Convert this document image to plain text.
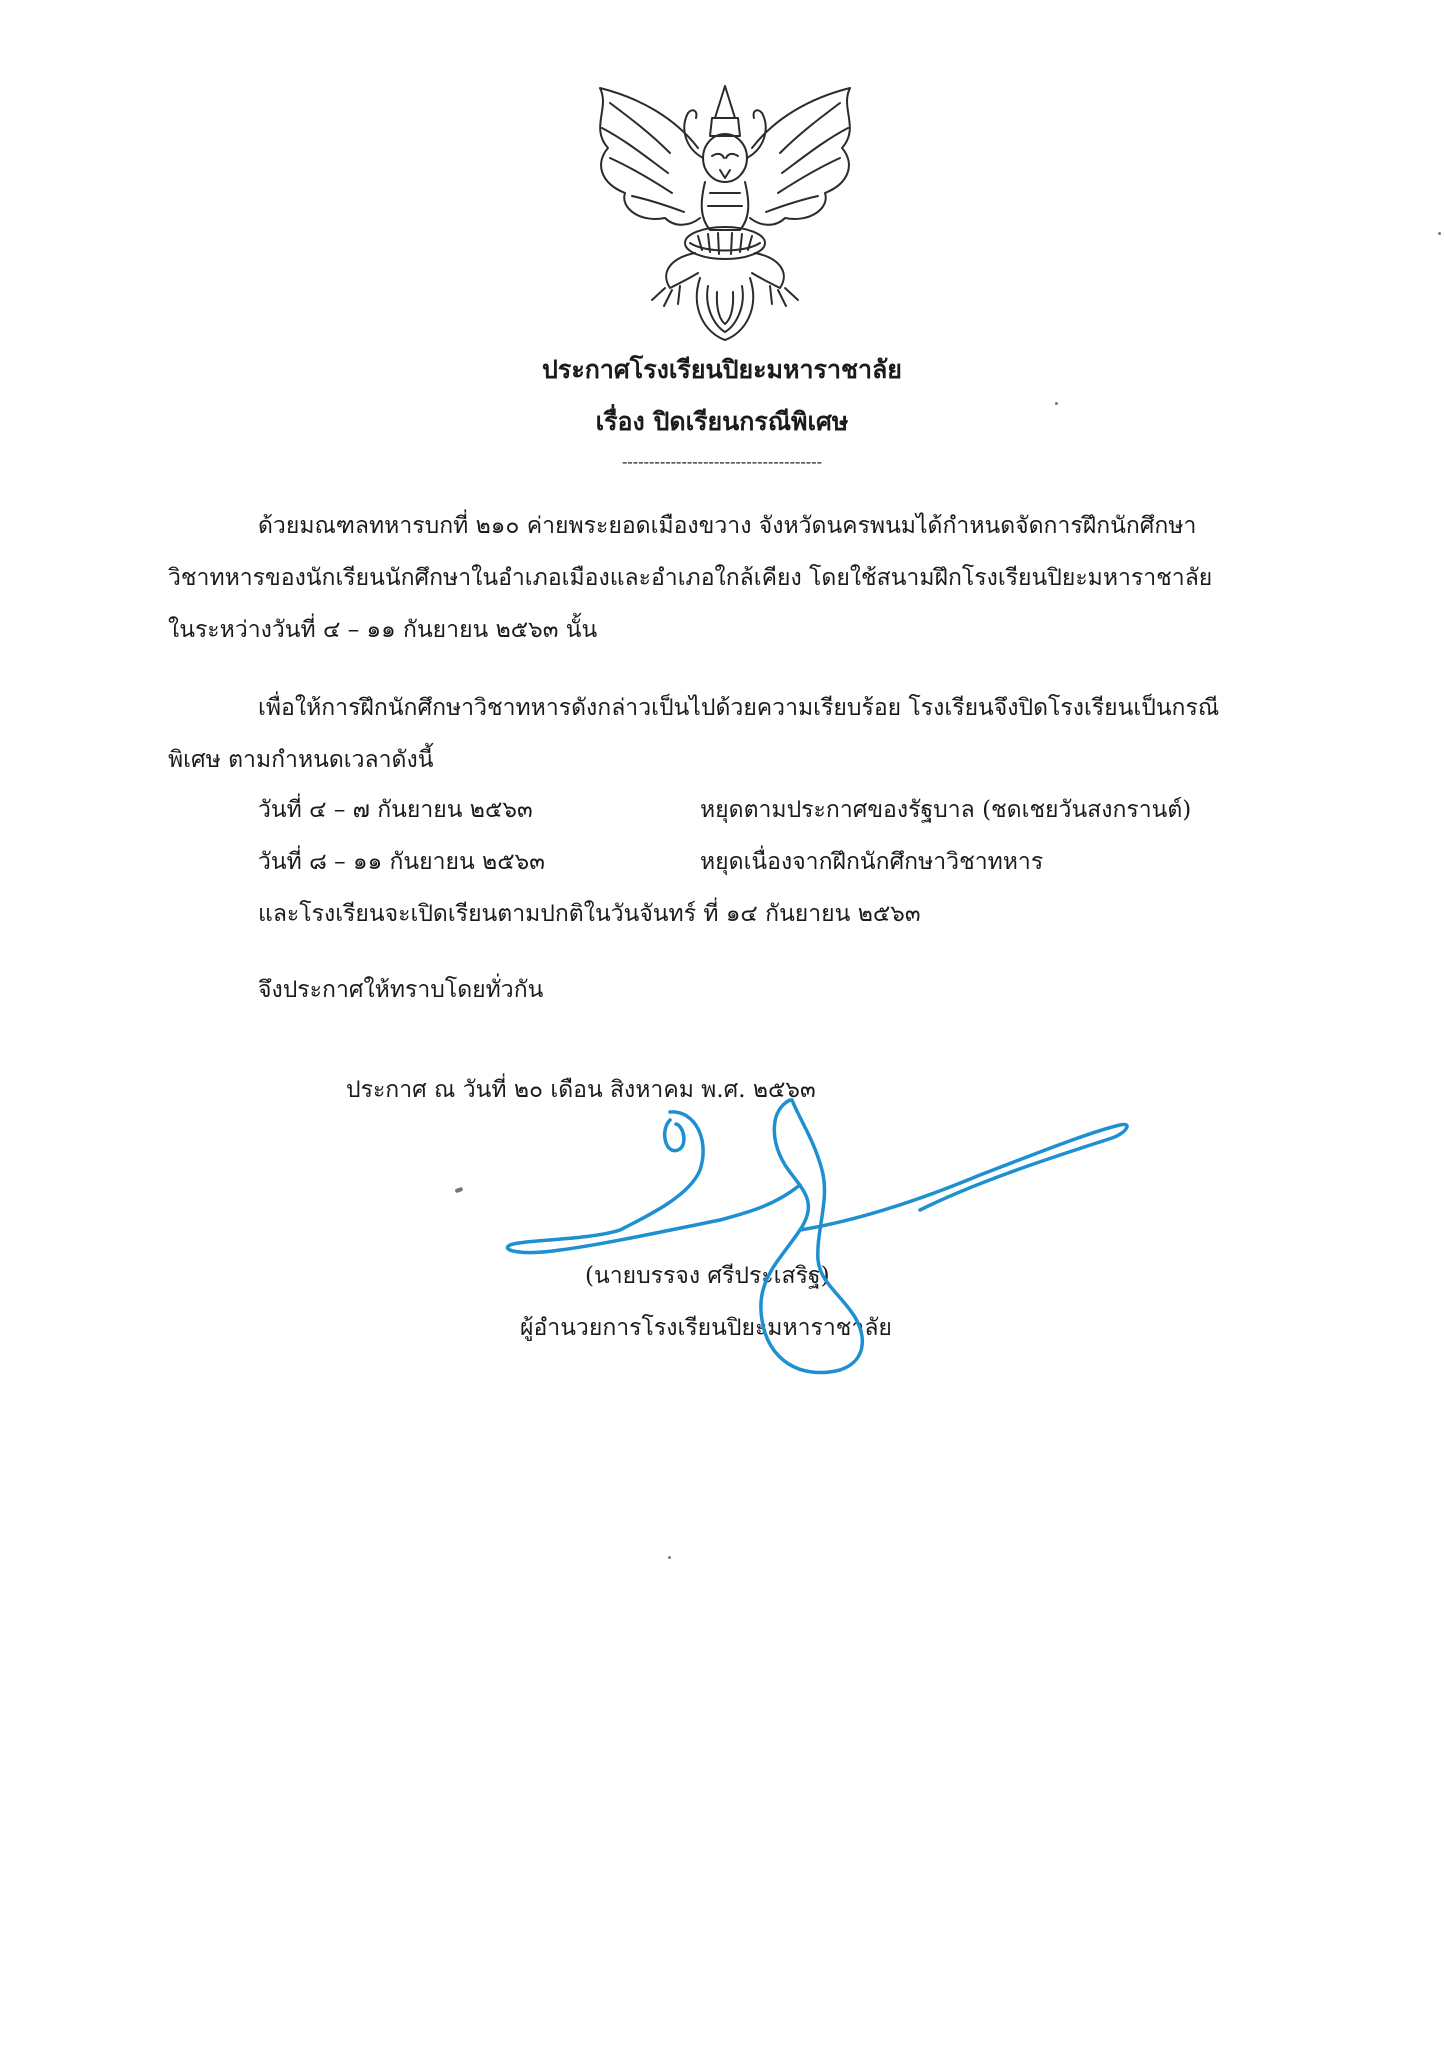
ประกาศโรงเรียนปิยะมหาราชาลัย
เรื่อง ปิดเรียนกรณีพิเศษ
-------------------------------------
ด้วยมณฑลทหารบกที่ ๒๑๐ ค่ายพระยอดเมืองขวาง จังหวัดนครพนมได้กำหนดจัดการฝึกนักศึกษา
วิชาทหารของนักเรียนนักศึกษาในอำเภอเมืองและอำเภอใกล้เคียง โดยใช้สนามฝึกโรงเรียนปิยะมหาราชาลัย
ในระหว่างวันที่ ๔ – ๑๑ กันยายน ๒๕๖๓ นั้น
เพื่อให้การฝึกนักศึกษาวิชาทหารดังกล่าวเป็นไปด้วยความเรียบร้อย โรงเรียนจึงปิดโรงเรียนเป็นกรณี
พิเศษ ตามกำหนดเวลาดังนี้
วันที่ ๔ – ๗ กันยายน ๒๕๖๓	หยุดตามประกาศของรัฐบาล (ชดเชยวันสงกรานต์)
วันที่ ๘ – ๑๑ กันยายน ๒๕๖๓	หยุดเนื่องจากฝึกนักศึกษาวิชาทหาร
และโรงเรียนจะเปิดเรียนตามปกติในวันจันทร์ ที่ ๑๔ กันยายน ๒๕๖๓
จึงประกาศให้ทราบโดยทั่วกัน
ประกาศ ณ วันที่ ๒๐ เดือน สิงหาคม พ.ศ. ๒๕๖๓
(นายบรรจง ศรีประเสริฐ)
ผู้อำนวยการโรงเรียนปิยะมหาราชาลัย
